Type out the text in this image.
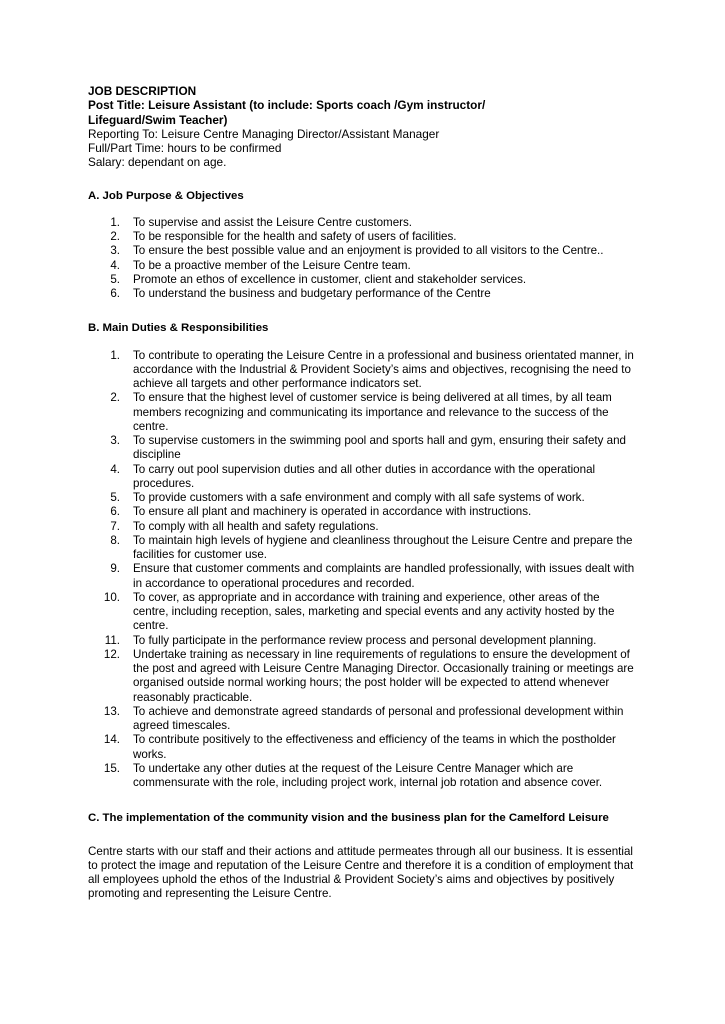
JOB DESCRIPTION
Post Title: Leisure Assistant (to include: Sports coach /Gym instructor/
Lifeguard/Swim Teacher)
Reporting To: Leisure Centre Managing Director/Assistant Manager
Full/Part Time: hours to be confirmed
Salary: dependant on age.
A. Job Purpose & Objectives
1. To supervise and assist the Leisure Centre customers.
2. To be responsible for the health and safety of users of facilities.
3. To ensure the best possible value and an enjoyment is provided to all visitors to the Centre..
4. To be a proactive member of the Leisure Centre team.
5. Promote an ethos of excellence in customer, client and stakeholder services.
6. To understand the business and budgetary performance of the Centre
B. Main Duties & Responsibilities
1. To contribute to operating the Leisure Centre in a professional and business orientated manner, in accordance with the Industrial & Provident Society’s aims and objectives, recognising the need to achieve all targets and other performance indicators set.
2. To ensure that the highest level of customer service is being delivered at all times, by all team members recognizing and communicating its importance and relevance to the success of the centre.
3. To supervise customers in the swimming pool and sports hall and gym, ensuring their safety and discipline
4. To carry out pool supervision duties and all other duties in accordance with the operational procedures.
5. To provide customers with a safe environment and comply with all safe systems of work.
6. To ensure all plant and machinery is operated in accordance with instructions.
7. To comply with all health and safety regulations.
8. To maintain high levels of hygiene and cleanliness throughout the Leisure Centre and prepare the facilities for customer use.
9. Ensure that customer comments and complaints are handled professionally, with issues dealt with in accordance to operational procedures and recorded.
10. To cover, as appropriate and in accordance with training and experience, other areas of the centre, including reception, sales, marketing and special events and any activity hosted by the centre.
11. To fully participate in the performance review process and personal development planning.
12. Undertake training as necessary in line requirements of regulations to ensure the development of the post and agreed with Leisure Centre Managing Director. Occasionally training or meetings are organised outside normal working hours; the post holder will be expected to attend whenever reasonably practicable.
13. To achieve and demonstrate agreed standards of personal and professional development within agreed timescales.
14. To contribute positively to the effectiveness and efficiency of the teams in which the postholder works.
15. To undertake any other duties at the request of the Leisure Centre Manager which are commensurate with the role, including project work, internal job rotation and absence cover.
C. The implementation of the community vision and the business plan for the Camelford Leisure

Centre starts with our staff and their actions and attitude permeates through all our business. It is essential to protect the image and reputation of the Leisure Centre and therefore it is a condition of employment that all employees uphold the ethos of the Industrial & Provident Society’s aims and objectives by positively promoting and representing the Leisure Centre.
